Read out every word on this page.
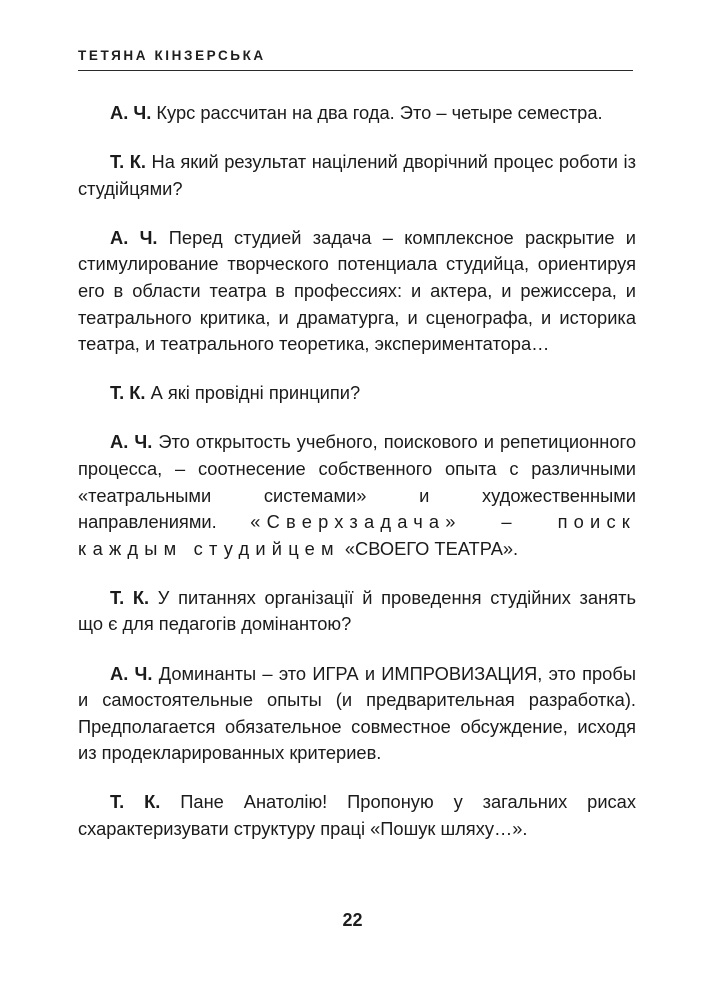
ТЕТЯНА КІНЗЕРСЬКА

А. Ч. Курс рассчитан на два года. Это – четыре семестра.

Т. К. На який результат націлений дворічний процес роботи із студійцями?

А. Ч. Перед студией задача – комплексное раскрытие и стимулирование творческого потенциала студийца, ориентируя его в области театра в профессиях: и актера, и режиссера, и театрального критика, и драматурга, и сценографа, и историка театра, и театрального теоретика, экспериментатора…

Т. К. А які провідні принципи?

А. Ч. Это открытость учебного, поискового и репетиционного процесса, – соотнесение собственного опыта с различными «театральными системами» и художественными направлениями. «Сверхзадача» – поиск каждым студийцем «СВОЕГО ТЕАТРА».

Т. К. У питаннях організації й проведення студійних занять що є для педагогів домінантою?

А. Ч. Доминанты – это ИГРА и ИМПРОВИЗАЦИЯ, это пробы и самостоятельные опыты (и предварительная разработка). Предполагается обязательное совместное обсуждение, исходя из продекларированных критериев.

Т. К. Пане Анатолію! Пропоную у загальних рисах схарактеризувати структуру праці «Пошук шляху…».

22
